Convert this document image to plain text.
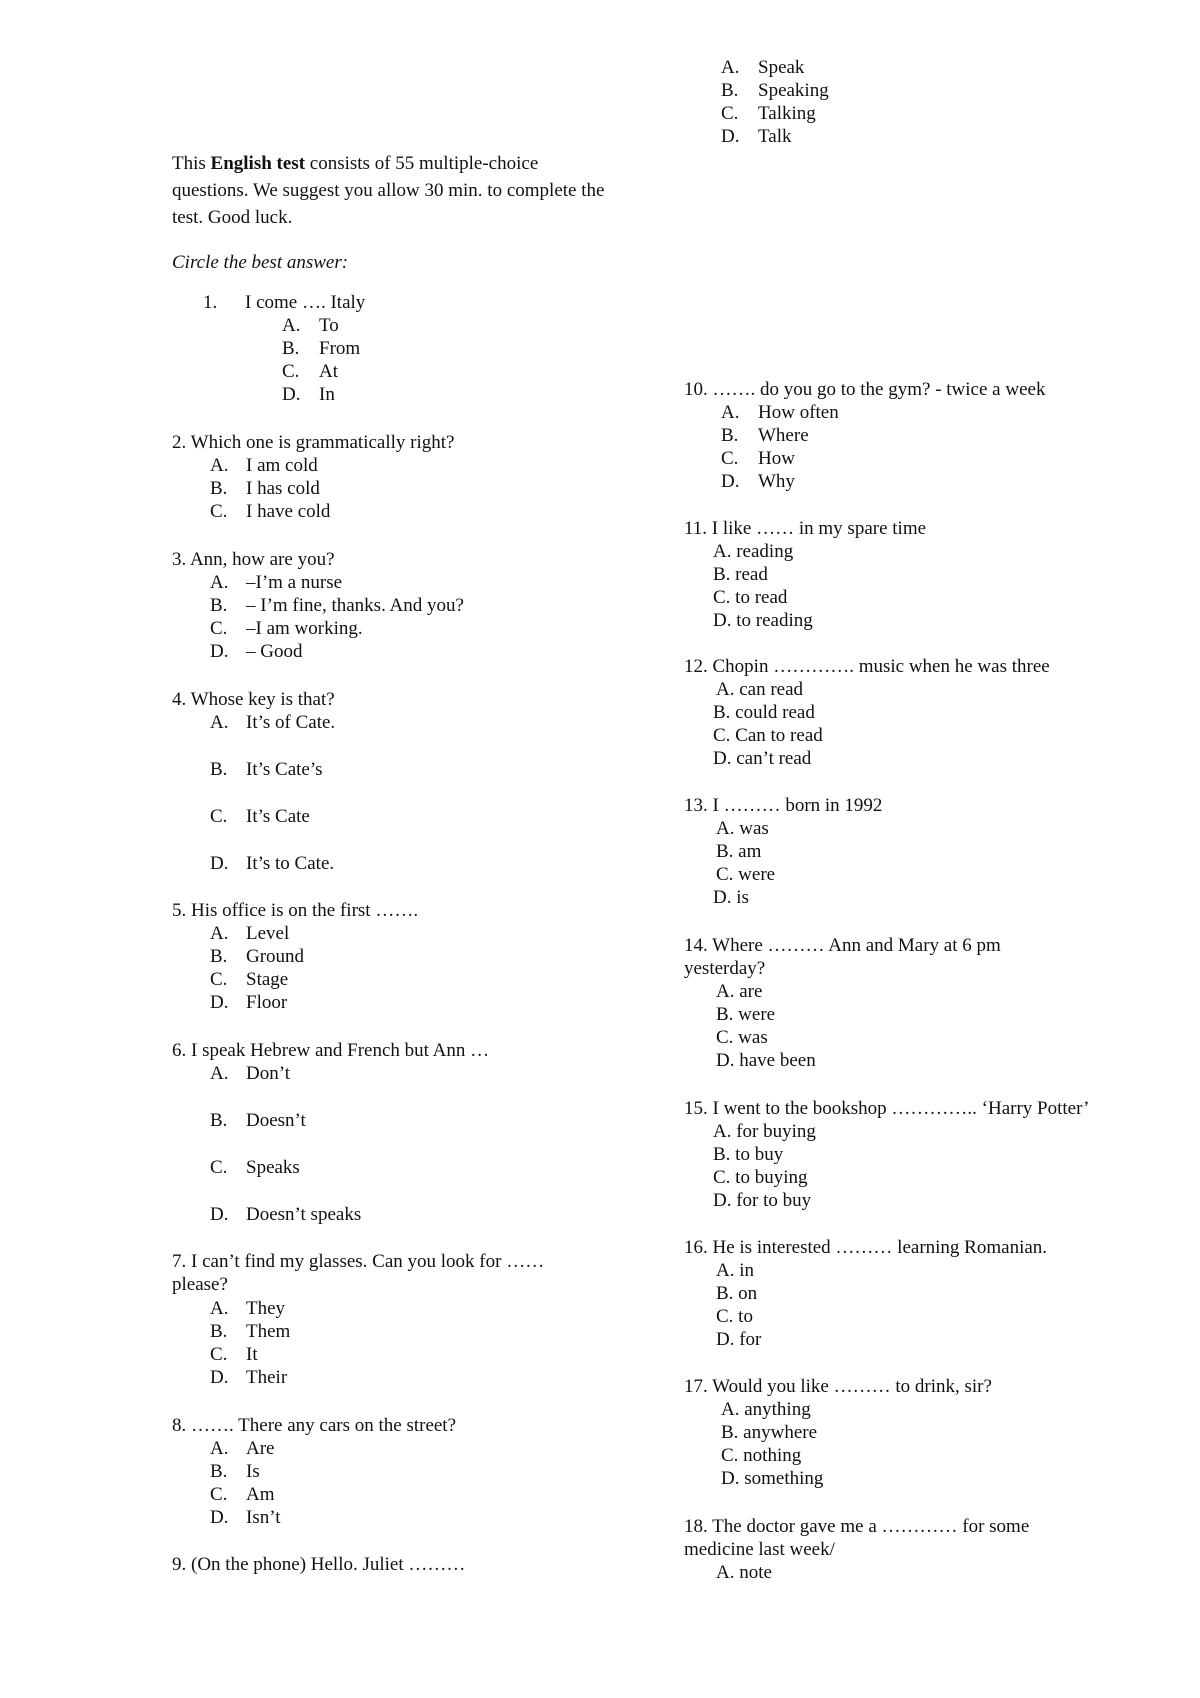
This English test consists of 55 multiple-choice questions. We suggest you allow 30 min. to complete the test. Good luck.
Circle the best answer:
1. I come …. Italy
A. To
B. From
C. At
D. In
2. Which one is grammatically right?
A. I am cold
B. I has cold
C. I have cold
3. Ann, how are you?
A. –I’m a nurse
B. – I’m fine, thanks. And you?
C. –I am working.
D. – Good
4. Whose key is that?
A. It’s of Cate.
B. It’s Cate’s
C. It’s Cate
D. It’s to Cate.
5. His office is on the first …….
A. Level
B. Ground
C. Stage
D. Floor
6. I speak Hebrew and French but Ann …
A. Don’t
B. Doesn’t
C. Speaks
D. Doesn’t speaks
7. I can’t find my glasses. Can you look for ……
please?
A. They
B. Them
C. It
D. Their
8. ……. There any cars on the street?
A. Are
B. Is
C. Am
D. Isn’t
9. (On the phone) Hello. Juliet ………
A. Speak
B. Speaking
C. Talking
D. Talk
10. ……. do you go to the gym? - twice a week
A. How often
B. Where
C. How
D. Why
11. I like …… in my spare time
A. reading
B. read
C. to read
D. to reading
12. Chopin …………. music when he was three
A. can read
B. could read
C. Can to read
D. can’t read
13. I ……… born in 1992
A. was
B. am
C. were
D. is
14. Where ……… Ann and Mary at 6 pm
yesterday?
A. are
B. were
C. was
D. have been
15. I went to the bookshop ………….. ‘Harry Potter’
A. for buying
B. to buy
C. to buying
D. for to buy
16. He is interested ……… learning Romanian.
A. in
B. on
C. to
D. for
17. Would you like ……… to drink, sir?
A. anything
B. anywhere
C. nothing
D. something
18. The doctor gave me a ………… for some
medicine last week/
A. note
